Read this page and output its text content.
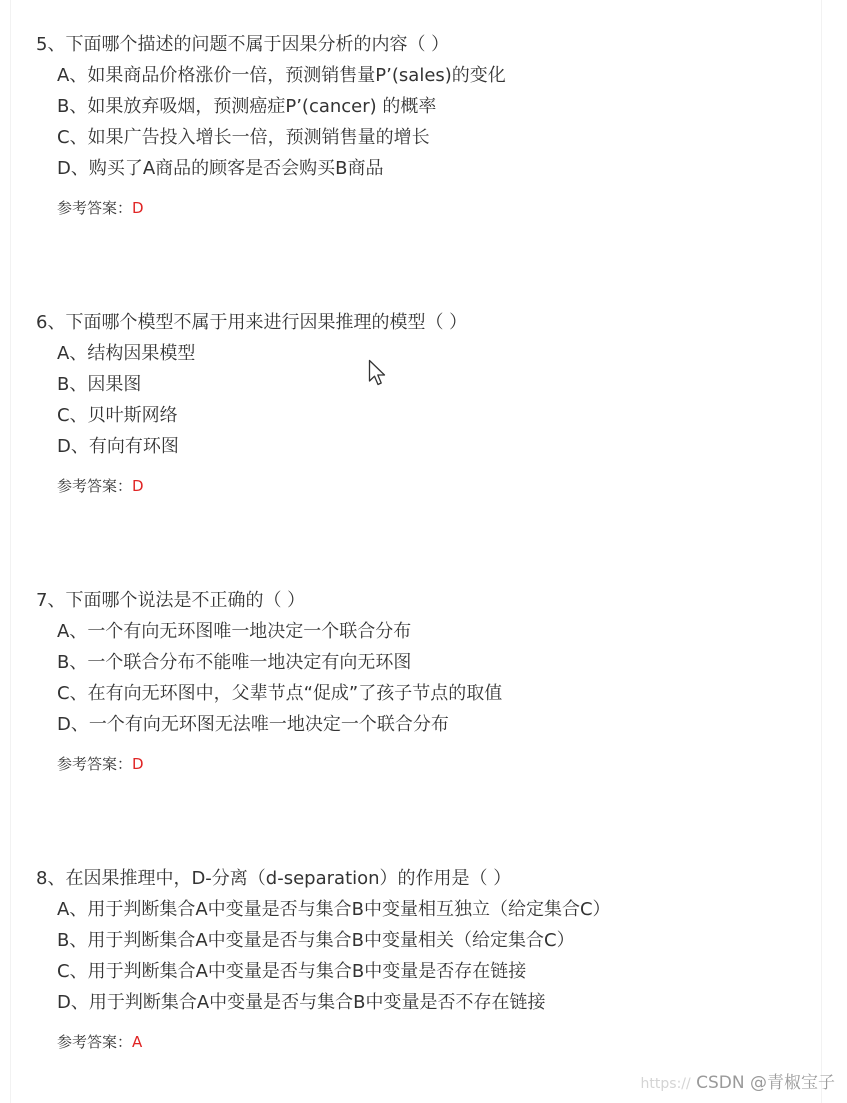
5、下面哪个描述的问题不属于因果分析的内容（ ）
A、如果商品价格涨价一倍，预测销售量P’(sales)的变化
B、如果放弃吸烟，预测癌症P’(cancer) 的概率
C、如果广告投入增长一倍，预测销售量的增长
D、购买了A商品的顾客是否会购买B商品
参考答案：D
6、下面哪个模型不属于用来进行因果推理的模型（ ）
A、结构因果模型
B、因果图
C、贝叶斯网络
D、有向有环图
参考答案：D
7、下面哪个说法是不正确的（ ）
A、一个有向无环图唯一地决定一个联合分布
B、一个联合分布不能唯一地决定有向无环图
C、在有向无环图中，父辈节点“促成”了孩子节点的取值
D、一个有向无环图无法唯一地决定一个联合分布
参考答案：D
8、在因果推理中，D-分离（d-separation）的作用是（ ）
A、用于判断集合A中变量是否与集合B中变量相互独立（给定集合C）
B、用于判断集合A中变量是否与集合B中变量相关（给定集合C）
C、用于判断集合A中变量是否与集合B中变量是否存在链接
D、用于判断集合A中变量是否与集合B中变量是否不存在链接
参考答案：A
https:// CSDN @青椒宝子
